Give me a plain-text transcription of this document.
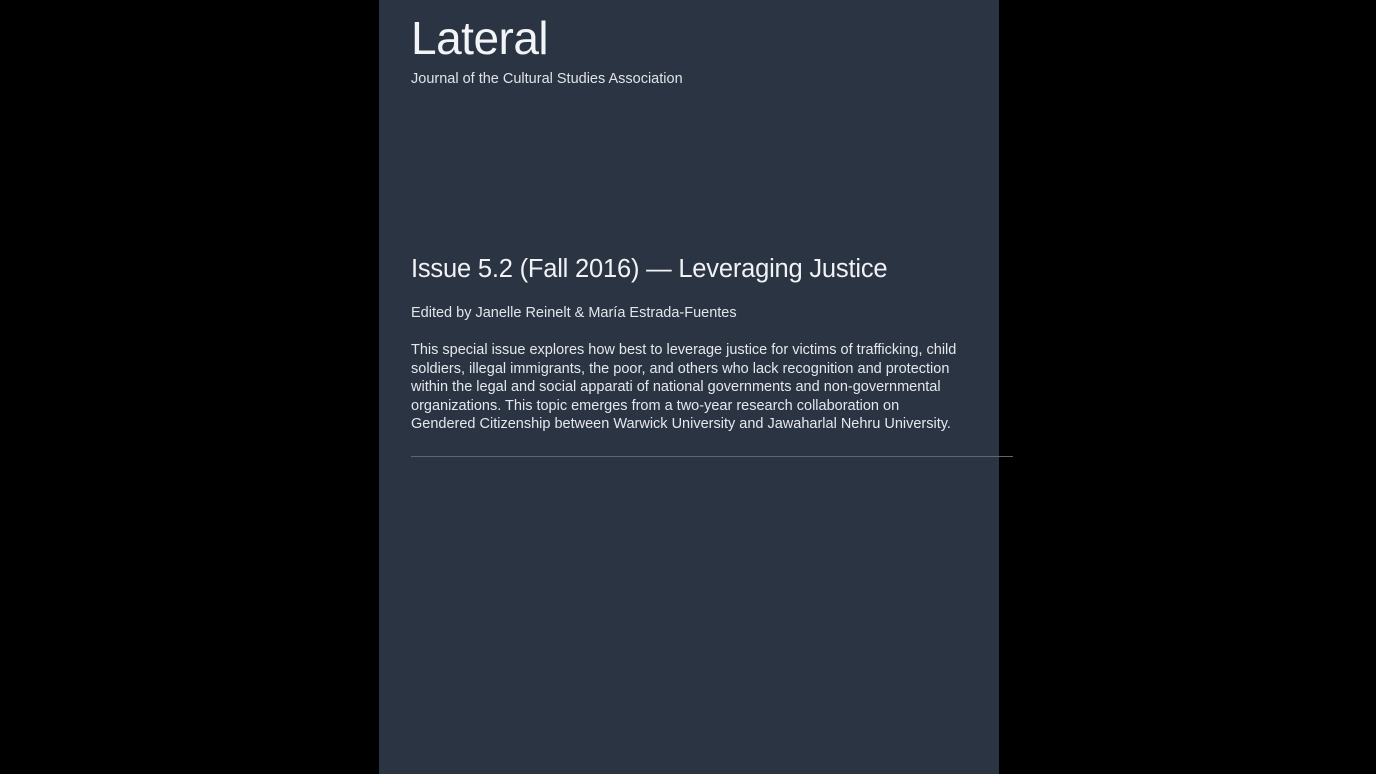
Lateral
Journal of the Cultural Studies Association
Issue 5.2 (Fall 2016) — Leveraging Justice
Edited by Janelle Reinelt & María Estrada-Fuentes

This special issue explores how best to leverage justice for victims of trafficking, child soldiers, illegal immigrants, the poor, and others who lack recognition and protection within the legal and social apparati of national governments and non-governmental organizations. This topic emerges from a two-year research collaboration on Gendered Citizenship between Warwick University and Jawaharlal Nehru University.
